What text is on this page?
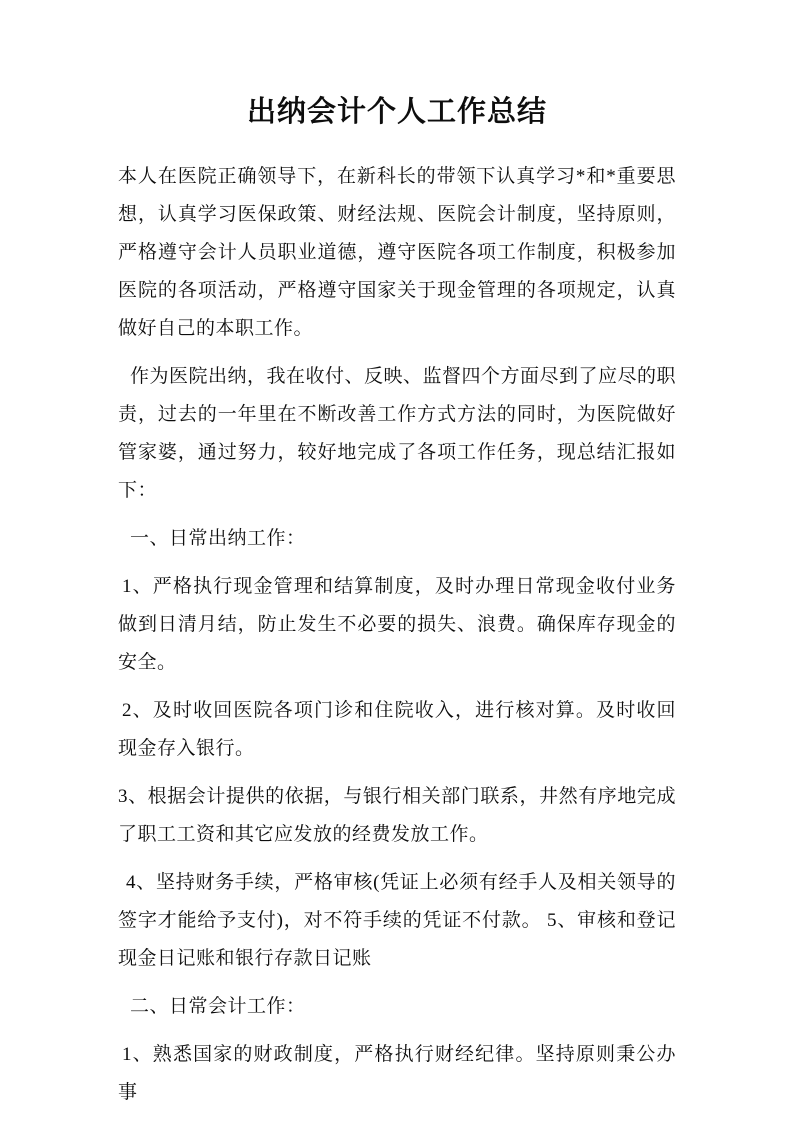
出纳会计个人工作总结

本人在医院正确领导下，在新科长的带领下认真学习*和*重要思想，认真学习医保政策、财经法规、医院会计制度，坚持原则，严格遵守会计人员职业道德，遵守医院各项工作制度，积极参加医院的各项活动，严格遵守国家关于现金管理的各项规定，认真做好自己的本职工作。

作为医院出纳，我在收付、反映、监督四个方面尽到了应尽的职责，过去的一年里在不断改善工作方式方法的同时，为医院做好管家婆，通过努力，较好地完成了各项工作任务，现总结汇报如下：

一、日常出纳工作：

1、严格执行现金管理和结算制度，及时办理日常现金收付业务做到日清月结，防止发生不必要的损失、浪费。确保库存现金的安全。

2、及时收回医院各项门诊和住院收入，进行核对算。及时收回现金存入银行。

3、根据会计提供的依据，与银行相关部门联系，井然有序地完成了职工工资和其它应发放的经费发放工作。

4、坚持财务手续，严格审核(凭证上必须有经手人及相关领导的签字才能给予支付)，对不符手续的凭证不付款。 5、审核和登记现金日记账和银行存款日记账

二、日常会计工作：

1、熟悉国家的财政制度，严格执行财经纪律。坚持原则秉公办事
